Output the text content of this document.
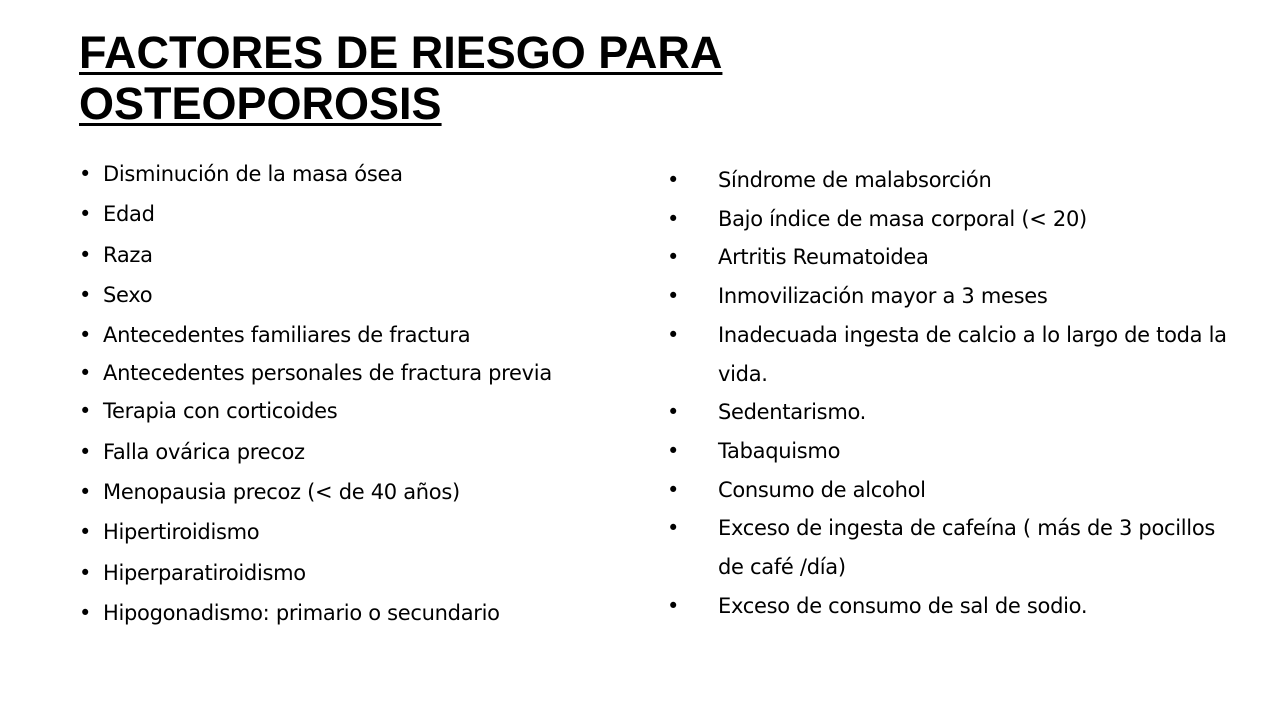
FACTORES DE RIESGO PARA OSTEOPOROSIS
• Disminución de la masa ósea
• Edad
• Raza
• Sexo
• Antecedentes familiares de fractura
• Antecedentes personales de fractura previa
• Terapia con corticoides
• Falla ovárica precoz
• Menopausia precoz (< de 40 años)
• Hipertiroidismo
• Hiperparatiroidismo
• Hipogonadismo: primario o secundario
• Síndrome de malabsorción
• Bajo índice de masa corporal (< 20)
• Artritis Reumatoidea
• Inmovilización mayor a 3 meses
• Inadecuada ingesta de calcio a lo largo de toda la vida.
• Sedentarismo.
• Tabaquismo
• Consumo de alcohol
• Exceso de ingesta de cafeína ( más de 3 pocillos de café /día)
• Exceso de consumo de sal de sodio.
